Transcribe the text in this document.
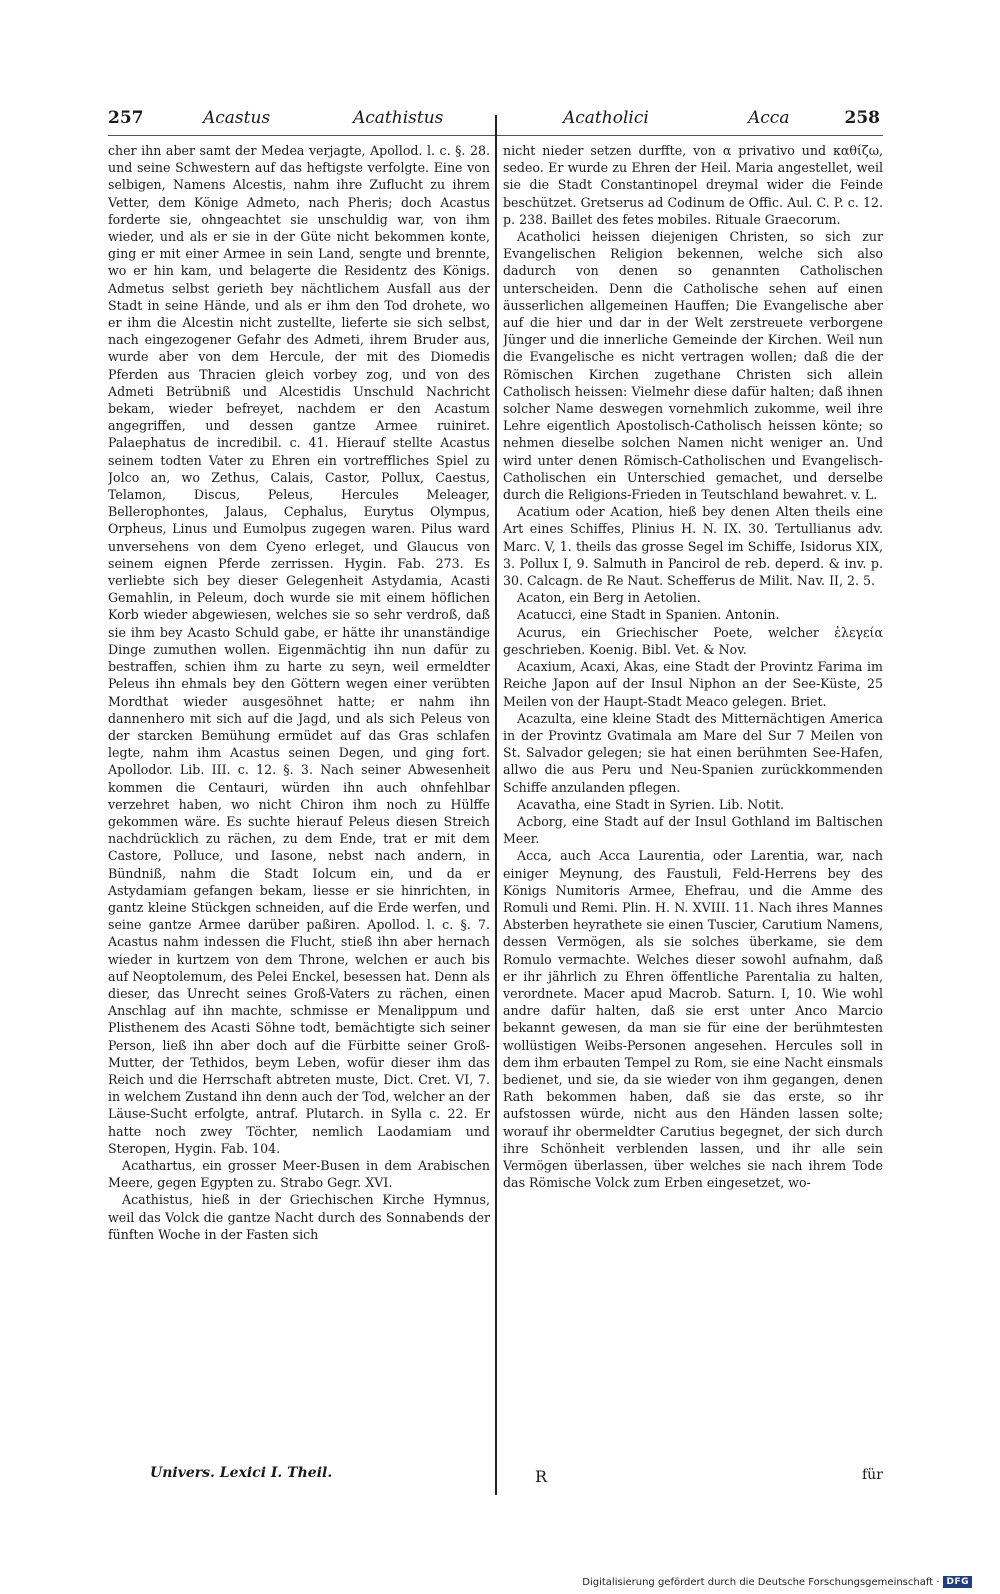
257	Acastus	Acathistus	Acatholici	Acca	258

cher ihn aber samt der Medea verjagte, Apollod. l. c. §. 28. und seine Schwestern auf das heftigste verfolgte. Eine von selbigen, Namens Alcestis, nahm ihre Zuflucht zu ihrem Vetter, dem Könige Admeto, nach Pheris; doch Acastus forderte sie, ohngeachtet sie unschuldig war, von ihm wieder, und als er sie in der Güte nicht bekommen konte, ging er mit einer Armee in sein Land, sengte und brennte, wo er hin kam, und belagerte die Residentz des Königs. Admetus selbst gerieth bey nächtlichem Ausfall aus der Stadt in seine Hände, und als er ihm den Tod drohete, wo er ihm die Alcestin nicht zustellte, lieferte sie sich selbst, nach eingezogener Gefahr des Admeti, ihrem Bruder aus, wurde aber von dem Hercule, der mit des Diomedis Pferden aus Thracien gleich vorbey zog, und von des Admeti Betrübniß und Alcestidis Unschuld Nachricht bekam, wieder befreyet, nachdem er den Acastum angegriffen, und dessen gantze Armee ruiniret. Palaephatus de incredibil. c. 41. Hierauf stellte Acastus seinem todten Vater zu Ehren ein vortreffliches Spiel zu Jolco an, wo Zethus, Calais, Castor, Pollux, Caestus, Telamon, Discus, Peleus, Hercules Meleager, Bellerophontes, Jalaus, Cephalus, Eurytus Olympus, Orpheus, Linus und Eumolpus zugegen waren. Pilus ward unversehens von dem Cyeno erleget, und Glaucus von seinem eignen Pferde zerrissen. Hygin. Fab. 273. Es verliebte sich bey dieser Gelegenheit Astydamia, Acasti Gemahlin, in Peleum, doch wurde sie mit einem höflichen Korb wieder abgewiesen, welches sie so sehr verdroß, daß sie ihm bey Acasto Schuld gabe, er hätte ihr unanständige Dinge zumuthen wollen. Eigenmächtig ihn nun dafür zu bestraffen, schien ihm zu harte zu seyn, weil ermeldter Peleus ihn ehmals bey den Göttern wegen einer verübten Mordthat wieder ausgesöhnet hatte; er nahm ihn dannenhero mit sich auf die Jagd, und als sich Peleus von der starcken Bemühung ermüdet auf das Gras schlafen legte, nahm ihm Acastus seinen Degen, und ging fort. Apollodor. Lib. III. c. 12. §. 3. Nach seiner Abwesenheit kommen die Centauri, würden ihn auch ohnfehlbar verzehret haben, wo nicht Chiron ihm noch zu Hülffe gekommen wäre. Es suchte hierauf Peleus diesen Streich nachdrücklich zu rächen, zu dem Ende, trat er mit dem Castore, Polluce, und Iasone, nebst nach andern, in Bündniß, nahm die Stadt Iolcum ein, und da er Astydamiam gefangen bekam, liesse er sie hinrichten, in gantz kleine Stückgen schneiden, auf die Erde werfen, und seine gantze Armee darüber paßiren. Apollod. l. c. §. 7. Acastus nahm indessen die Flucht, stieß ihn aber hernach wieder in kurtzem von dem Throne, welchen er auch bis auf Neoptolemum, des Pelei Enckel, besessen hat. Denn als dieser, das Unrecht seines Groß-Vaters zu rächen, einen Anschlag auf ihn machte, schmisse er Menalippum und Plisthenem des Acasti Söhne todt, bemächtigte sich seiner Person, ließ ihn aber doch auf die Fürbitte seiner Groß-Mutter, der Tethidos, beym Leben, wofür dieser ihm das Reich und die Herrschaft abtreten muste, Dict. Cret. VI, 7. in welchem Zustand ihn denn auch der Tod, welcher an der Läuse-Sucht erfolgte, antraf. Plutarch. in Sylla c. 22. Er hatte noch zwey Töchter, nemlich Laodamiam und Steropen, Hygin. Fab. 104.

Acathartus, ein grosser Meer-Busen in dem Arabischen Meere, gegen Egypten zu. Strabo Gegr. XVI.

Acathistus, hieß in der Griechischen Kirche Hymnus, weil das Volck die gantze Nacht durch des Sonnabends der fünften Woche in der Fasten sich

nicht nieder setzen durffte, von α privativo und καθίζω, sedeo. Er wurde zu Ehren der Heil. Maria angestellet, weil sie die Stadt Constantinopel dreymal wider die Feinde beschützet. Gretserus ad Codinum de Offic. Aul. C. P. c. 12. p. 238. Baillet des fetes mobiles. Rituale Graecorum.

Acatholici heissen diejenigen Christen, so sich zur Evangelischen Religion bekennen, welche sich also dadurch von denen so genannten Catholischen unterscheiden. Denn die Catholische sehen auf einen äusserlichen allgemeinen Hauffen; Die Evangelische aber auf die hier und dar in der Welt zerstreuete verborgene Jünger und die innerliche Gemeinde der Kirchen. Weil nun die Evangelische es nicht vertragen wollen; daß die der Römischen Kirchen zugethane Christen sich allein Catholisch heissen: Vielmehr diese dafür halten; daß ihnen solcher Name deswegen vornehmlich zukomme, weil ihre Lehre eigentlich Apostolisch-Catholisch heissen könte; so nehmen dieselbe solchen Namen nicht weniger an. Und wird unter denen Römisch-Catholischen und Evangelisch-Catholischen ein Unterschied gemachet, und derselbe durch die Religions-Frieden in Teutschland bewahret. v. L.

Acatium oder Acation, hieß bey denen Alten theils eine Art eines Schiffes, Plinius H. N. IX. 30. Tertullianus adv. Marc. V, 1. theils das grosse Segel im Schiffe, Isidorus XIX, 3. Pollux I, 9. Salmuth in Pancirol de reb. deperd. & inv. p. 30. Calcagn. de Re Naut. Schefferus de Milit. Nav. II, 2. 5.

Acaton, ein Berg in Aetolien.

Acatucci, eine Stadt in Spanien. Antonin.

Acurus, ein Griechischer Poete, welcher ἐλεγεία geschrieben. Koenig. Bibl. Vet. & Nov.

Acaxium, Acaxi, Akas, eine Stadt der Provintz Farima im Reiche Japon auf der Insul Niphon an der See-Küste, 25 Meilen von der Haupt-Stadt Meaco gelegen. Briet.

Acazulta, eine kleine Stadt des Mitternächtigen America in der Provintz Gvatimala am Mare del Sur 7 Meilen von St. Salvador gelegen; sie hat einen berühmten See-Hafen, allwo die aus Peru und Neu-Spanien zurückkommenden Schiffe anzulanden pflegen.

Acavatha, eine Stadt in Syrien. Lib. Notit.

Acborg, eine Stadt auf der Insul Gothland im Baltischen Meer.

Acca, auch Acca Laurentia, oder Larentia, war, nach einiger Meynung, des Faustuli, Feld-Herrens bey des Königs Numitoris Armee, Ehefrau, und die Amme des Romuli und Remi. Plin. H. N. XVIII. 11. Nach ihres Mannes Absterben heyrathete sie einen Tuscier, Carutium Namens, dessen Vermögen, als sie solches überkame, sie dem Romulo vermachte. Welches dieser sowohl aufnahm, daß er ihr jährlich zu Ehren öffentliche Parentalia zu halten, verordnete. Macer apud Macrob. Saturn. I, 10. Wie wohl andre dafür halten, daß sie erst unter Anco Marcio bekannt gewesen, da man sie für eine der berühmtesten wollüstigen Weibs-Personen angesehen. Hercules soll in dem ihm erbauten Tempel zu Rom, sie eine Nacht einsmals bedienet, und sie, da sie wieder von ihm gegangen, denen Rath bekommen haben, daß sie das erste, so ihr aufstossen würde, nicht aus den Händen lassen solte; worauf ihr obermeldter Carutius begegnet, der sich durch ihre Schönheit verblenden lassen, und ihr alle sein Vermögen überlassen, über welches sie nach ihrem Tode das Römische Volck zum Erben eingesetzet, wo-

Univers. Lexici I. Theil.	R	für
Digitalisierung gefördert durch die Deutsche Forschungsgemeinschaft · DFG
